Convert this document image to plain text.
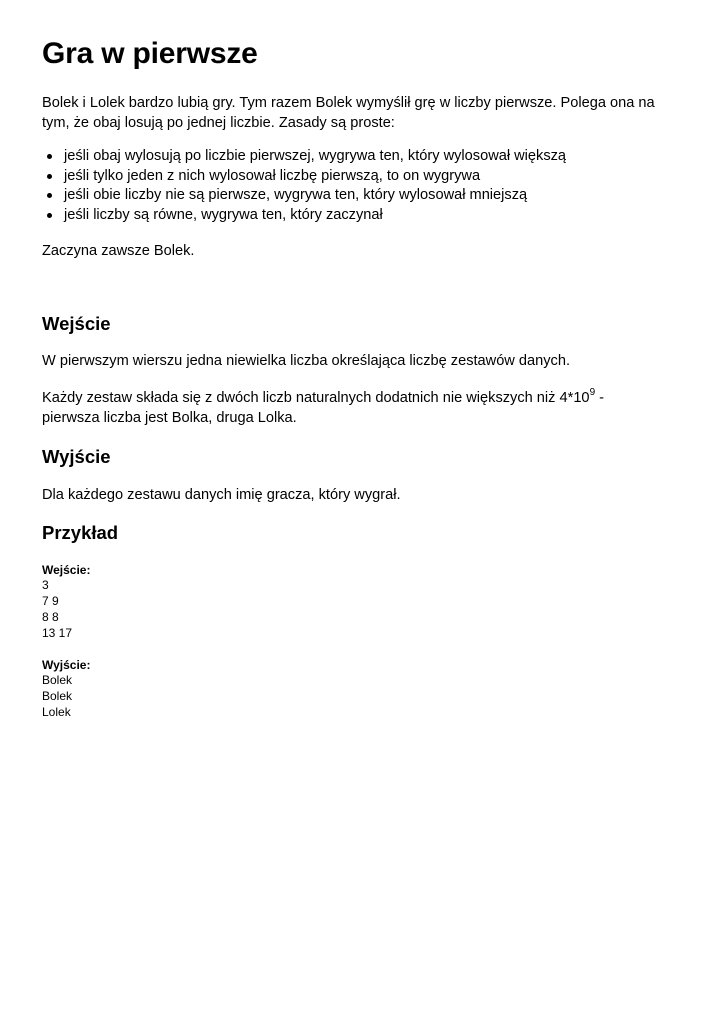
Gra w pierwsze

Bolek i Lolek bardzo lubią gry. Tym razem Bolek wymyślił grę w liczby pierwsze. Polega ona na tym, że obaj losują po jednej liczbie. Zasady są proste:

jeśli obaj wylosują po liczbie pierwszej, wygrywa ten, który wylosował większą
jeśli tylko jeden z nich wylosował liczbę pierwszą, to on wygrywa
jeśli obie liczby nie są pierwsze, wygrywa ten, który wylosował mniejszą
jeśli liczby są równe, wygrywa ten, który zaczynał

Zaczyna zawsze Bolek.

Wejście

W pierwszym wierszu jedna niewielka liczba określająca liczbę zestawów danych.

Każdy zestaw składa się z dwóch liczb naturalnych dodatnich nie większych niż $4*10^9$ -
pierwsza liczba jest Bolka, druga Lolka.

Wyjście

Dla każdego zestawu danych imię gracza, który wygrał.

Przykład

Wejście:

3
7 9
8 8
13 17

Wyjście:

Bolek
Bolek
Lolek
